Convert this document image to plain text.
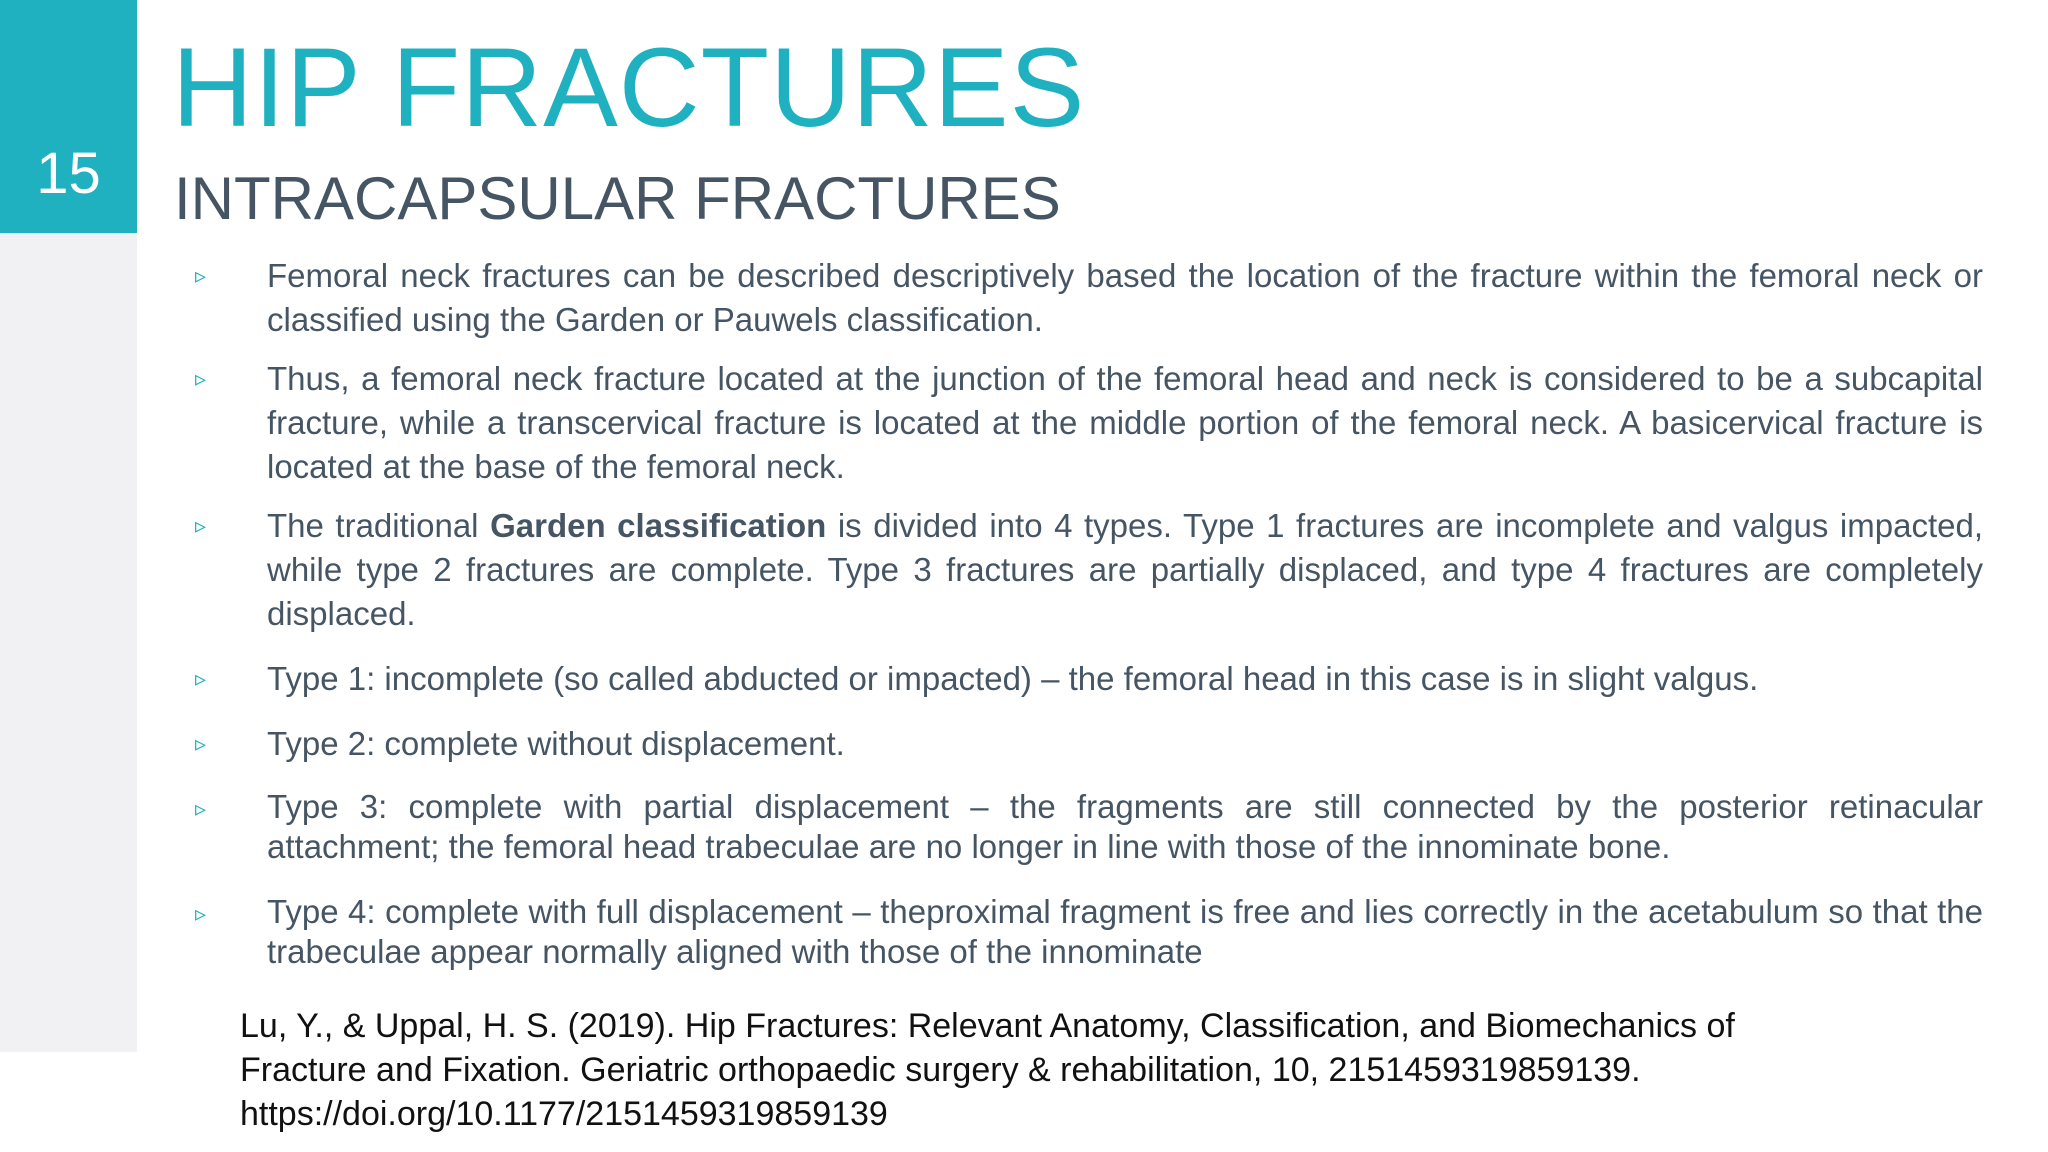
15
HIP FRACTURES
INTRACAPSULAR FRACTURES
▹ Femoral neck fractures can be described descriptively based the location of the fracture within the femoral neck or classified using the Garden or Pauwels classification.
▹ Thus, a femoral neck fracture located at the junction of the femoral head and neck is considered to be a subcapital fracture, while a transcervical fracture is located at the middle portion of the femoral neck. A basicervical fracture is located at the base of the femoral neck.
▹ The traditional Garden classification is divided into 4 types. Type 1 fractures are incomplete and valgus impacted, while type 2 fractures are complete. Type 3 fractures are partially displaced, and type 4 fractures are completely displaced.
▹ Type 1: incomplete (so called abducted or impacted) – the femoral head in this case is in slight valgus.
▹ Type 2: complete without displacement.
▹ Type 3: complete with partial displacement – the fragments are still connected by the posterior retinacular attachment; the femoral head trabeculae are no longer in line with those of the innominate bone.
▹ Type 4: complete with full displacement – theproximal fragment is free and lies correctly in the acetabulum so that the trabeculae appear normally aligned with those of the innominate
Lu, Y., & Uppal, H. S. (2019). Hip Fractures: Relevant Anatomy, Classification, and Biomechanics of
Fracture and Fixation. Geriatric orthopaedic surgery & rehabilitation, 10, 2151459319859139.
https://doi.org/10.1177/2151459319859139
